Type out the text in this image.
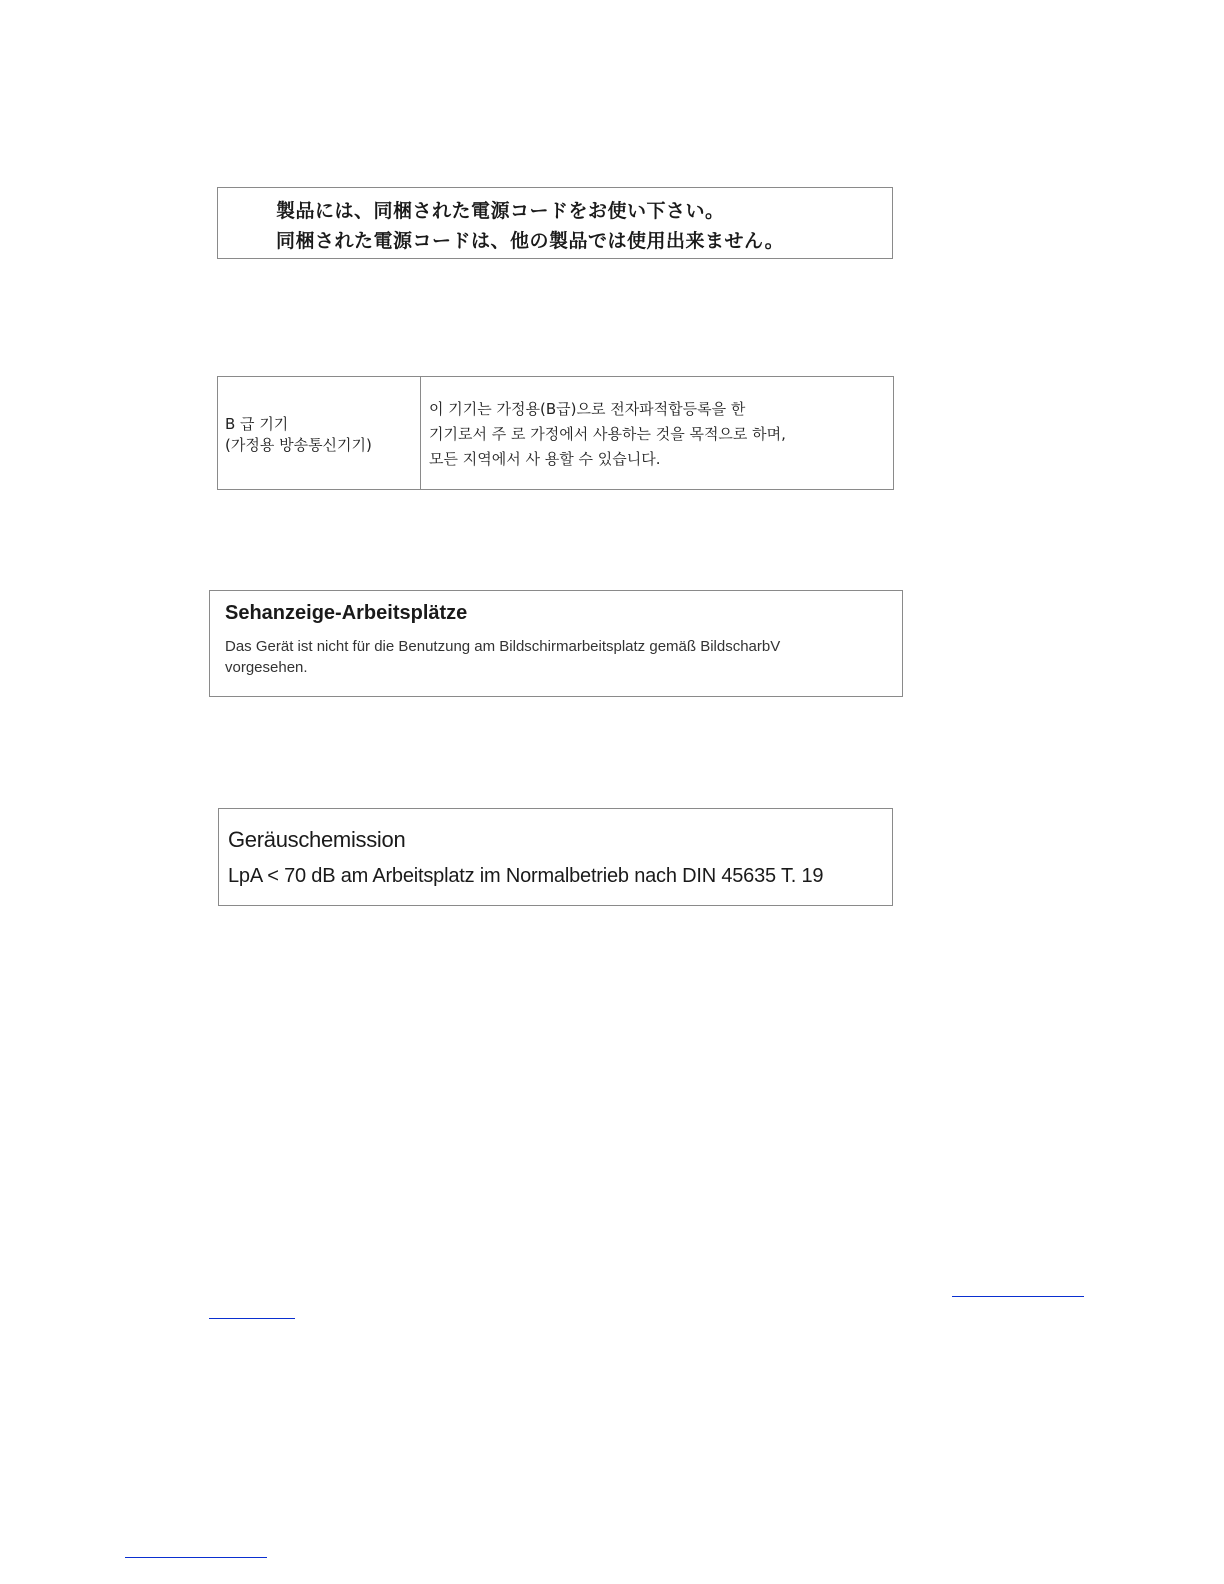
製品には、同梱された電源コードをお使い下さい。
同梱された電源コードは、他の製品では使用出来ません。
B 급 기기
(가정용 방송통신기기)
이 기기는 가정용(B급)으로 전자파적합등록을 한
기기로서 주 로 가정에서 사용하는 것을 목적으로 하며,
모든 지역에서 사 용할 수 있습니다.
Sehanzeige-Arbeitsplätze
Das Gerät ist nicht für die Benutzung am Bildschirmarbeitsplatz gemäß BildscharbV vorgesehen.
Geräuschemission
LpA < 70 dB am Arbeitsplatz im Normalbetrieb nach DIN 45635 T. 19
